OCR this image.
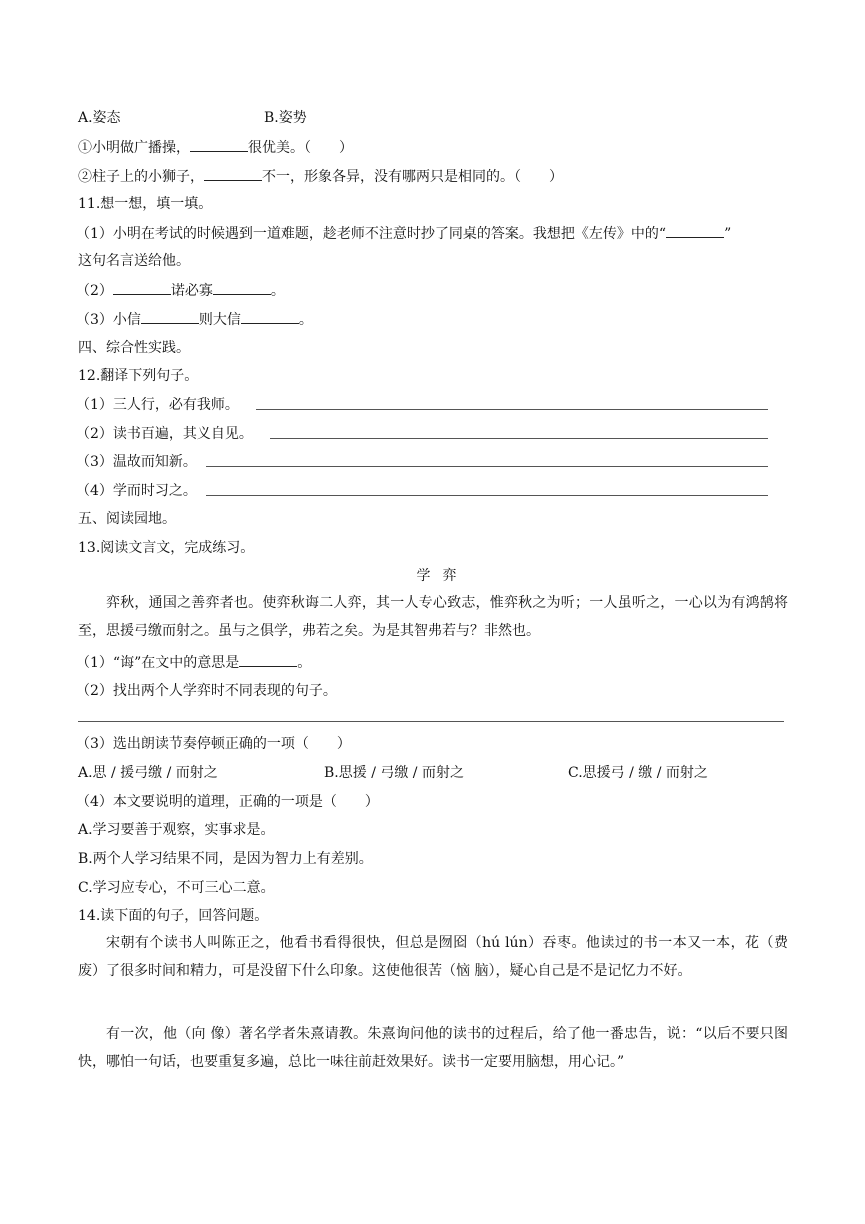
A.姿态	B.姿势
①小明做广播操，	很优美。（　　）
②柱子上的小狮子，	不一，形象各异，没有哪两只是相同的。（　　）
11.想一想，填一填。
（1）小明在考试的时候遇到一道难题，趁老师不注意时抄了同桌的答案。我想把《左传》中的“	”
这句名言送给他。
（2）	诺必寡	。
（3）小信	则大信	。
四、综合性实践。
12.翻译下列句子。
（1）三人行，必有我师。
（2）读书百遍，其义自见。
（3）温故而知新。
（4）学而时习之。
五、阅读园地。
13.阅读文言文，完成练习。
学弈
弈秋，通国之善弈者也。使弈秋诲二人弈，其一人专心致志，惟弈秋之为听；一人虽听之，一心以为有鸿鹄将至，思援弓缴而射之。虽与之俱学，弗若之矣。为是其智弗若与？非然也。
（1）“诲”在文中的意思是	。
（2）找出两个人学弈时不同表现的句子。
（3）选出朗读节奏停顿正确的一项（　　）
A.思 / 援弓缴 / 而射之	B.思援 / 弓缴 / 而射之	C.思援弓 / 缴 / 而射之
（4）本文要说明的道理，正确的一项是（　　）
A.学习要善于观察，实事求是。
B.两个人学习结果不同，是因为智力上有差别。
C.学习应专心，不可三心二意。
14.读下面的句子，回答问题。
宋朝有个读书人叫陈正之，他看书看得很快，但总是囫囵（hú lún）吞枣。他读过的书一本又一本，花（费 废）了很多时间和精力，可是没留下什么印象。这使他很苦（恼 脑），疑心自己是不是记忆力不好。
有一次，他（向 像）著名学者朱熹请教。朱熹询问他的读书的过程后，给了他一番忠告，说：“以后不要只图快，哪怕一句话，也要重复多遍，总比一味往前赶效果好。读书一定要用脑想，用心记。”
